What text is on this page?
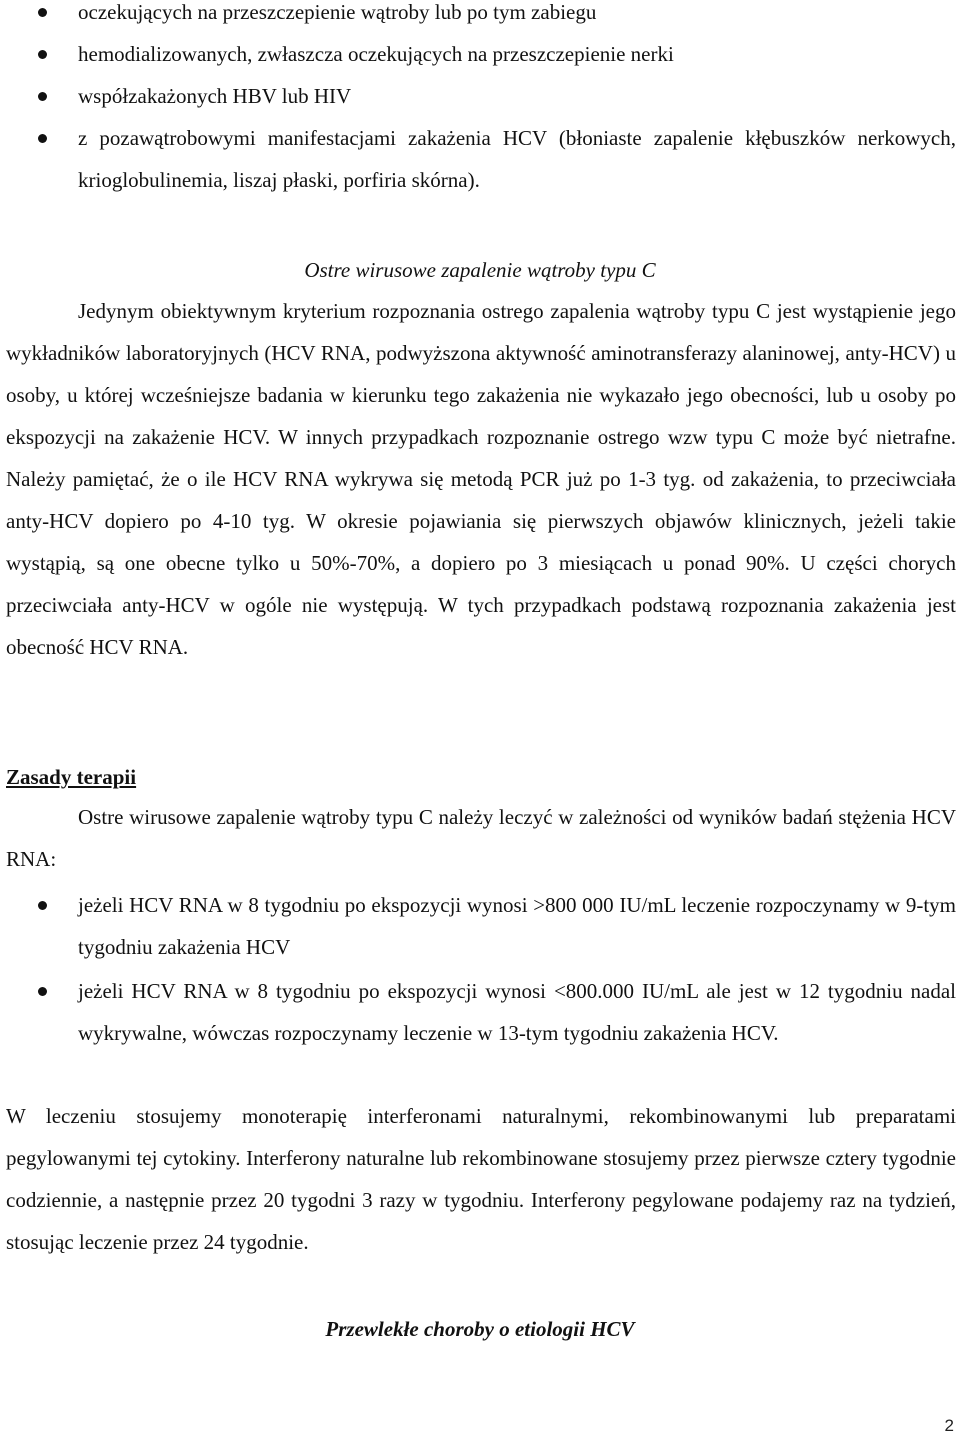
oczekujących na przeszczepienie wątroby lub po tym zabiegu
hemodializowanych, zwłaszcza oczekujących na przeszczepienie nerki
współzakażonych HBV lub HIV
z pozawątrobowymi manifestacjami zakażenia HCV (błoniaste zapalenie kłębuszków nerkowych, krioglobulinemia, liszaj płaski, porfiria skórna).
Ostre wirusowe zapalenie wątroby typu C

Jedynym obiektywnym kryterium rozpoznania ostrego zapalenia wątroby typu C jest wystąpienie jego wykładników laboratoryjnych (HCV RNA, podwyższona aktywność aminotransferazy alaninowej, anty-HCV) u osoby, u której wcześniejsze badania w kierunku tego zakażenia nie wykazało jego obecności, lub u osoby po ekspozycji na zakażenie HCV. W innych przypadkach rozpoznanie ostrego wzw typu C może być nietrafne. Należy pamiętać, że o ile HCV RNA wykrywa się metodą PCR już po 1-3 tyg. od zakażenia, to przeciwciała anty-HCV dopiero po 4-10 tyg. W okresie pojawiania się pierwszych objawów klinicznych, jeżeli takie wystąpią, są one obecne tylko u 50%-70%, a dopiero po 3 miesiącach u ponad 90%. U części chorych przeciwciała anty-HCV w ogóle nie występują. W tych przypadkach podstawą rozpoznania zakażenia jest obecność HCV RNA.

Zasady terapii

Ostre wirusowe zapalenie wątroby typu C należy leczyć w zależności od wyników badań stężenia HCV RNA:

jeżeli HCV RNA w 8 tygodniu po ekspozycji wynosi >800 000 IU/mL leczenie rozpoczynamy w 9-tym tygodniu zakażenia HCV
jeżeli HCV RNA w 8 tygodniu po ekspozycji wynosi <800.000 IU/mL ale jest w 12 tygodniu nadal wykrywalne, wówczas rozpoczynamy leczenie w 13-tym tygodniu zakażenia HCV.

W leczeniu stosujemy monoterapię interferonami naturalnymi, rekombinowanymi lub preparatami pegylowanymi tej cytokiny. Interferony naturalne lub rekombinowane stosujemy przez pierwsze cztery tygodnie codziennie, a następnie przez 20 tygodni 3 razy w tygodniu. Interferony pegylowane podajemy raz na tydzień, stosując leczenie przez 24 tygodnie.

Przewlekłe choroby o etiologii HCV
2
